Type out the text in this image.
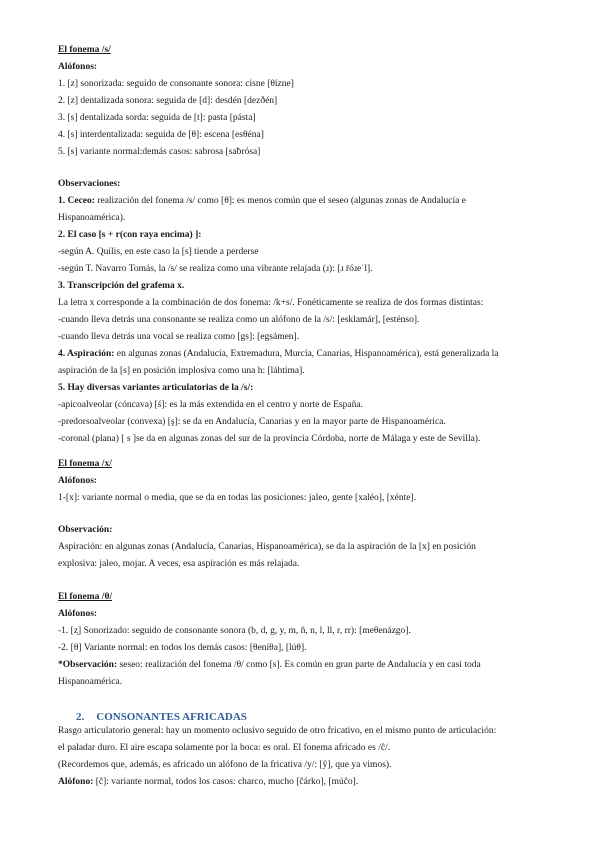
El fonema /s/
Alófonos:
1. [z] sonorizada: seguido de consonante sonora: cisne [θízne]
2. [z] dentalizada sonora: seguida de [d]: desdén [dezðén]
3. [s] dentalizada sorda: seguida de [t]: pasta [pásta]
4. [s] interdentalizada: seguida de [θ]: escena [esθéna]
5. [s] variante normal:demás casos: sabrosa [saƀrósa]
Observaciones:
1. Ceceo: realización del fonema /s/ como [θ]: es menos común que el seseo (algunas zonas de Andalucía e
Hispanoamérica).
2. El caso [s + r(con raya encima) ]:
-según A. Quilis, en este caso la [s] tiende a perderse
-según T. Navarro Tomás, la /s/ se realiza como una vibrante relajada (ɹ): [ɹ r̄óɹeˈl].
3. Transcripción del grafema x.
La letra x corresponde a la combinación de dos fonema: /k+s/. Fonéticamente se realiza de dos formas distintas:
-cuando lleva detrás una consonante se realiza como un alófono de la /s/: [esklamár], [esténso].
-cuando lleva detrás una vocal se realiza como [gs]: [egsámen].
4. Aspiración: en algunas zonas (Andalucía, Extremadura, Murcia, Canarias, Hispanoamérica), está generalizada la
aspiración de la [s] en posición implosiva como una h: [láhtima].
5. Hay diversas variantes articulatorias de la /s/:
-apicoalveolar (cóncava) [ś]: es la más extendida en el centro y norte de España.
-predorsoalveolar (convexa) [ş]: se da en Andalucía, Canarias y en la mayor parte de Hispanoamérica.
-coronal (plana) [ s ]se da en algunas zonas del sur de la provincia Córdoba, norte de Málaga y este de Sevilla).
El fonema /x/
Alófonos:
1-[x]: variante normal o media, que se da en todas las posiciones: jaleo, gente [xaléo], [xénte].
Observación:
Aspiración: en algunas zonas (Andalucía, Canarias, Hispanoamérica), se da la aspiración de la [x] en posición
explosiva: jaleo, mojar. A veces, esa aspiración es más relajada.
El fonema /θ/
Alófonos:
-1. [z̟] Sonorizado: seguido de consonante sonora (b, d, g, y, m, ñ, n, l, ll, r, rr): [meθenázgo].
-2. [θ] Variante normal: en todos los demás casos: [θeníθa], [lúθ].
*Observación: seseo: realización del fonema /θ/ como [s]. Es común en gran parte de Andalucía y en casi toda
Hispanoamérica.
2. CONSONANTES AFRICADAS
Rasgo articulatorio general: hay un momento oclusivo seguido de otro fricativo, en el mismo punto de articulación:
el paladar duro. El aire escapa solamente por la boca: es oral. El fonema africado es /ĉ/.
(Recordemos que, además, es africado un alófono de la fricativa /y/: [ŷ], que ya vimos).
Alófono: [ĉ]: variante normal, todos los casos: charco, mucho [ĉárko], [múĉo].
